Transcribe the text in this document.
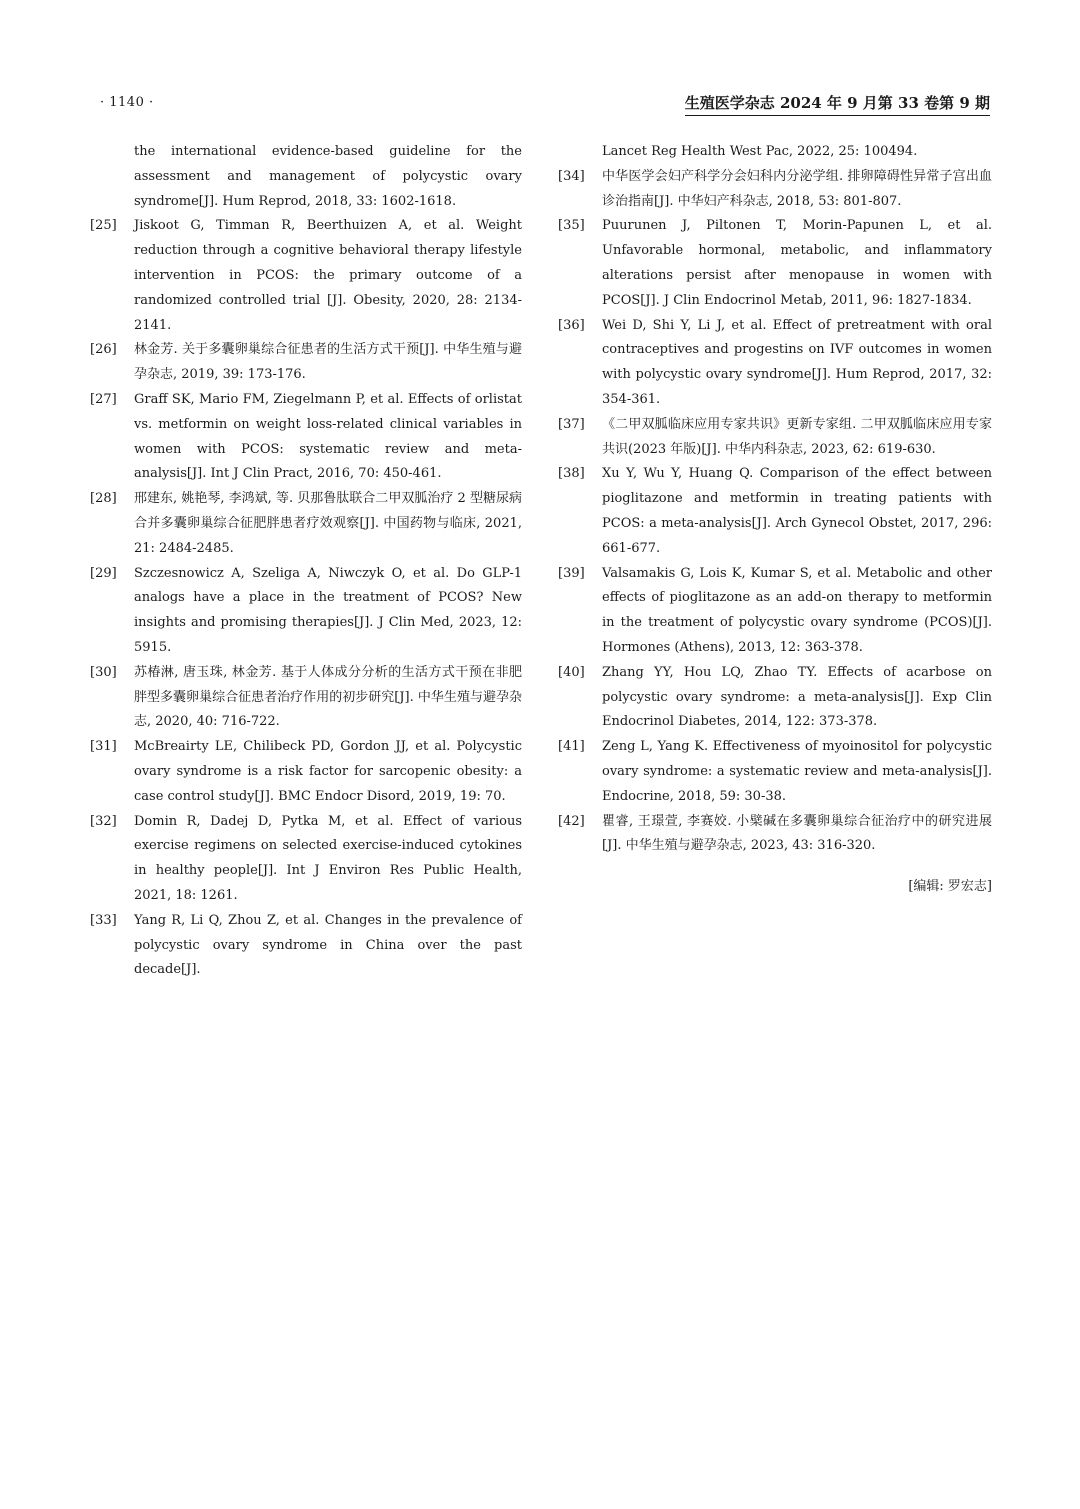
· 1140 ·	生殖医学杂志 2024 年 9 月第 33 卷第 9 期
the international evidence-based guideline for the assessment and management of polycystic ovary syndrome[J]. Hum Reprod, 2018, 33: 1602-1618.
[25]	Jiskoot G, Timman R, Beerthuizen A, et al. Weight reduction through a cognitive behavioral therapy lifestyle intervention in PCOS: the primary outcome of a randomized controlled trial [J]. Obesity, 2020, 28: 2134-2141.
[26]	林金芳. 关于多囊卵巢综合征患者的生活方式干预[J]. 中华生殖与避孕杂志, 2019, 39: 173-176.
[27]	Graff SK, Mario FM, Ziegelmann P, et al. Effects of orlistat vs. metformin on weight loss-related clinical variables in women with PCOS: systematic review and meta-analysis[J]. Int J Clin Pract, 2016, 70: 450-461.
[28]	邢建东, 姚艳琴, 李鸿斌, 等. 贝那鲁肽联合二甲双胍治疗 2 型糖尿病合并多囊卵巢综合征肥胖患者疗效观察[J]. 中国药物与临床, 2021, 21: 2484-2485.
[29]	Szczesnowicz A, Szeliga A, Niwczyk O, et al. Do GLP-1 analogs have a place in the treatment of PCOS? New insights and promising therapies[J]. J Clin Med, 2023, 12: 5915.
[30]	苏椿淋, 唐玉珠, 林金芳. 基于人体成分分析的生活方式干预在非肥胖型多囊卵巢综合征患者治疗作用的初步研究[J]. 中华生殖与避孕杂志, 2020, 40: 716-722.
[31]	McBreairty LE, Chilibeck PD, Gordon JJ, et al. Polycystic ovary syndrome is a risk factor for sarcopenic obesity: a case control study[J]. BMC Endocr Disord, 2019, 19: 70.
[32]	Domin R, Dadej D, Pytka M, et al. Effect of various exercise regimens on selected exercise-induced cytokines in healthy people[J]. Int J Environ Res Public Health, 2021, 18: 1261.
[33]	Yang R, Li Q, Zhou Z, et al. Changes in the prevalence of polycystic ovary syndrome in China over the past decade[J].
Lancet Reg Health West Pac, 2022, 25: 100494.
[34]	中华医学会妇产科学分会妇科内分泌学组. 排卵障碍性异常子宫出血诊治指南[J]. 中华妇产科杂志, 2018, 53: 801-807.
[35]	Puurunen J, Piltonen T, Morin-Papunen L, et al. Unfavorable hormonal, metabolic, and inflammatory alterations persist after menopause in women with PCOS[J]. J Clin Endocrinol Metab, 2011, 96: 1827-1834.
[36]	Wei D, Shi Y, Li J, et al. Effect of pretreatment with oral contraceptives and progestins on IVF outcomes in women with polycystic ovary syndrome[J]. Hum Reprod, 2017, 32: 354-361.
[37]	《二甲双胍临床应用专家共识》更新专家组. 二甲双胍临床应用专家共识(2023 年版)[J]. 中华内科杂志, 2023, 62: 619-630.
[38]	Xu Y, Wu Y, Huang Q. Comparison of the effect between pioglitazone and metformin in treating patients with PCOS: a meta-analysis[J]. Arch Gynecol Obstet, 2017, 296: 661-677.
[39]	Valsamakis G, Lois K, Kumar S, et al. Metabolic and other effects of pioglitazone as an add-on therapy to metformin in the treatment of polycystic ovary syndrome (PCOS)[J]. Hormones (Athens), 2013, 12: 363-378.
[40]	Zhang YY, Hou LQ, Zhao TY. Effects of acarbose on polycystic ovary syndrome: a meta-analysis[J]. Exp Clin Endocrinol Diabetes, 2014, 122: 373-378.
[41]	Zeng L, Yang K. Effectiveness of myoinositol for polycystic ovary syndrome: a systematic review and meta-analysis[J]. Endocrine, 2018, 59: 30-38.
[42]	瞿睿, 王璟萱, 李赛姣. 小檗碱在多囊卵巢综合征治疗中的研究进展[J]. 中华生殖与避孕杂志, 2023, 43: 316-320.
[编辑: 罗宏志]
